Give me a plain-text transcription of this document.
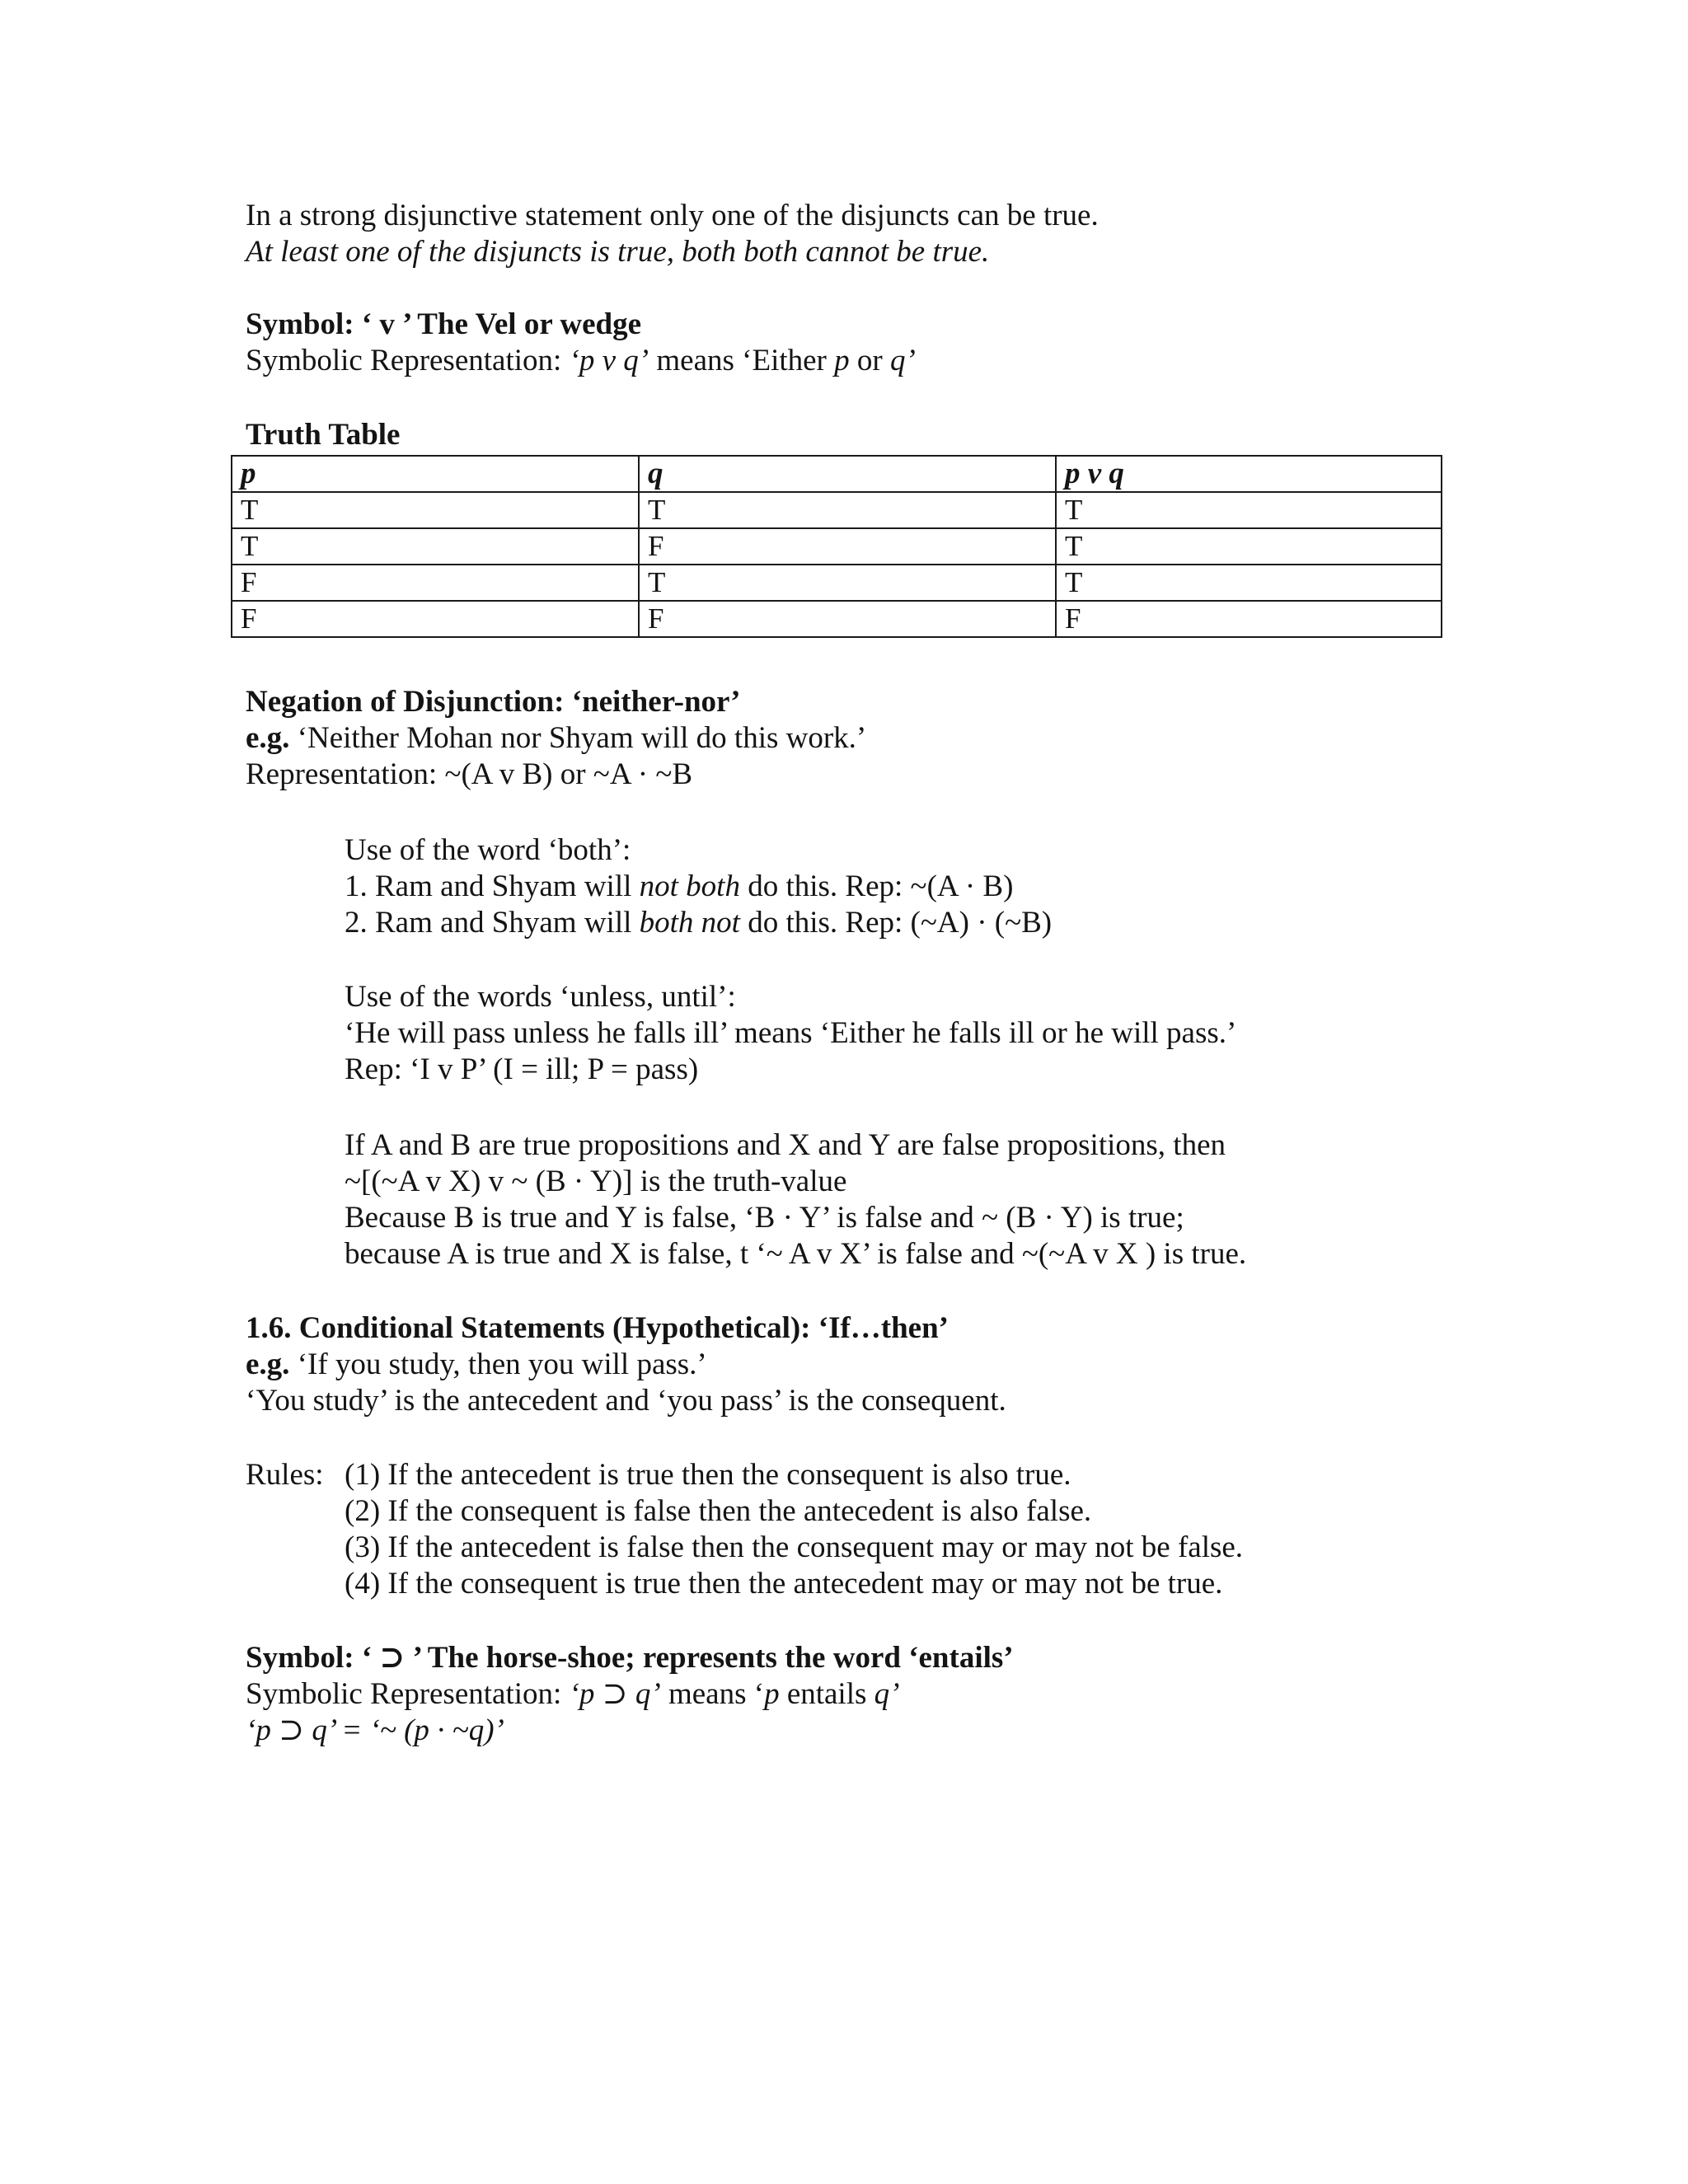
In a strong disjunctive statement only one of the disjuncts can be true.

At least one of the disjuncts is true, both both cannot be true.

Symbol: ‘ v ’ The Vel or wedge

Symbolic Representation: ‘p v q’ means ‘Either p or q’

Truth Table

p	q	p v q
T	T	T
T	F	T
F	T	T
F	F	F

Negation of Disjunction: ‘neither-nor’

e.g. ‘Neither Mohan nor Shyam will do this work.’

Representation: ~(A v B) or ~A · ~B

Use of the word ‘both’:

1. Ram and Shyam will not both do this. Rep: ~(A · B)

2. Ram and Shyam will both not do this. Rep: (~A) · (~B)

Use of the words ‘unless, until’:

‘He will pass unless he falls ill’ means ‘Either he falls ill or he will pass.’

Rep: ‘I v P’ (I = ill; P = pass)

If A and B are true propositions and X and Y are false propositions, then

~[(~A v X) v ~ (B · Y)] is the truth-value

Because B is true and Y is false, ‘B · Y’ is false and ~ (B · Y) is true;

because A is true and X is false, t ‘~ A v X’ is false and ~(~A v X ) is true.

1.6. Conditional Statements (Hypothetical): ‘If…then’

e.g. ‘If you study, then you will pass.’

‘You study’ is the antecedent and ‘you pass’ is the consequent.

Rules: (1) If the antecedent is true then the consequent is also true.

(2) If the consequent is false then the antecedent is also false.

(3) If the antecedent is false then the consequent may or may not be false.

(4) If the consequent is true then the antecedent may or may not be true.

Symbol: ‘ ⊃ ’ The horse-shoe; represents the word ‘entails’

Symbolic Representation: ‘p ⊃ q’ means ‘p entails q’

‘p ⊃ q’ = ‘~ (p · ~q)’
